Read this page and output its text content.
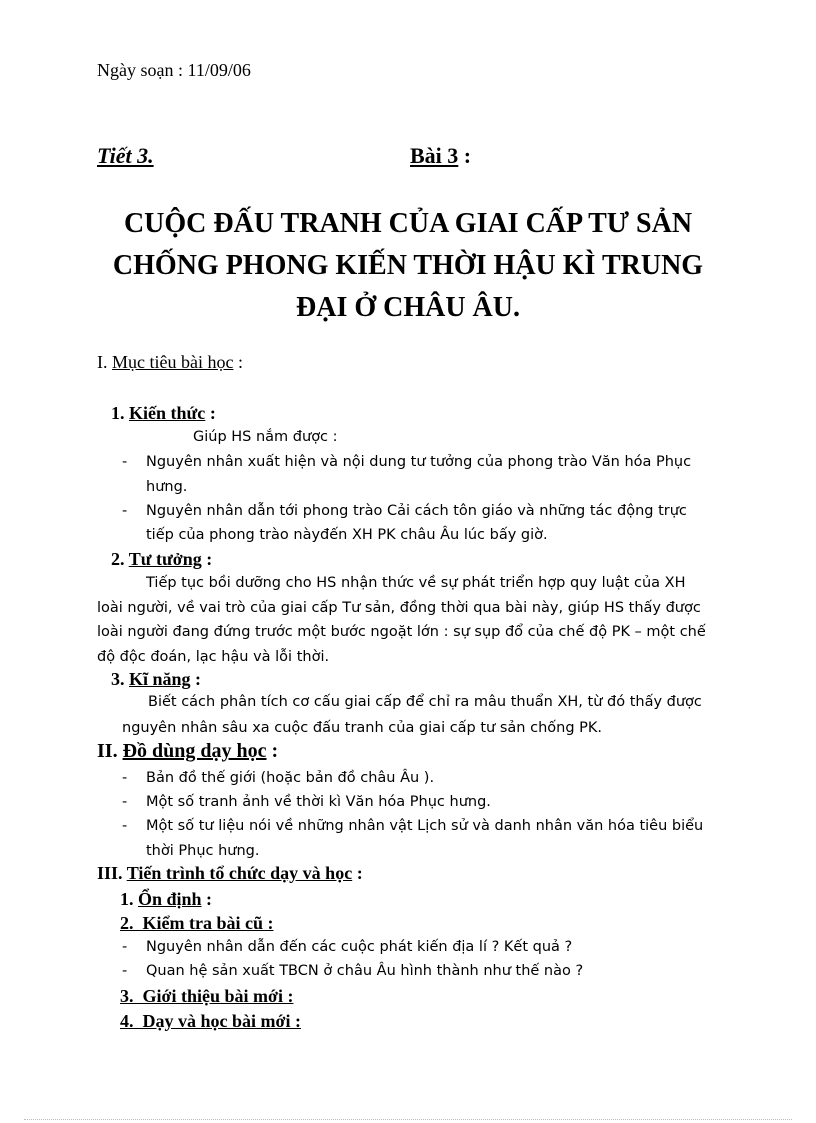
Ngày soạn : 11/09/06
Tiết 3.	Bài 3 :
CUỘC ĐẤU TRANH CỦA GIAI CẤP TƯ SẢN
CHỐNG PHONG KIẾN THỜI HẬU KÌ TRUNG
ĐẠI Ở CHÂU ÂU.
I. Mục tiêu bài học :
1. Kiến thức :
Giúp HS nắm được :
- Nguyên nhân xuất hiện và nội dung tư tưởng của phong trào Văn hóa Phục
hưng.
- Nguyên nhân dẫn tới phong trào Cải cách tôn giáo và những tác động trực
tiếp của phong trào nàyđến XH PK châu Âu lúc bấy giờ.
2. Tư tưởng :
Tiếp tục bồi dưỡng cho HS nhận thức về sự phát triển hợp quy luật của XH
loài người, về vai trò của giai cấp Tư sản, đồng thời qua bài này, giúp HS thấy được
loài người đang đứng trước một bước ngoặt lớn : sự sụp đổ của chế độ PK – một chế
độ độc đoán, lạc hậu và lỗi thời.
3. Kĩ năng :
Biết cách phân tích cơ cấu giai cấp để chỉ ra mâu thuẩn XH, từ đó thấy được
nguyên nhân sâu xa cuộc đấu tranh của giai cấp tư sản chống PK.
II. Đồ dùng dạy học :
- Bản đồ thế giới (hoặc bản đồ châu Âu ).
- Một số tranh ảnh về thời kì Văn hóa Phục hưng.
- Một số tư liệu nói về những nhân vật Lịch sử và danh nhân văn hóa tiêu biểu
thời Phục hưng.
III. Tiến trình tổ chức dạy và học :
1. Ổn định :
2. Kiểm tra bài cũ :
- Nguyên nhân dẫn đến các cuộc phát kiến địa lí ? Kết quả ?
- Quan hệ sản xuất TBCN ở châu Âu hình thành như thế nào ?
3. Giới thiệu bài mới :
4. Dạy và học bài mới :
